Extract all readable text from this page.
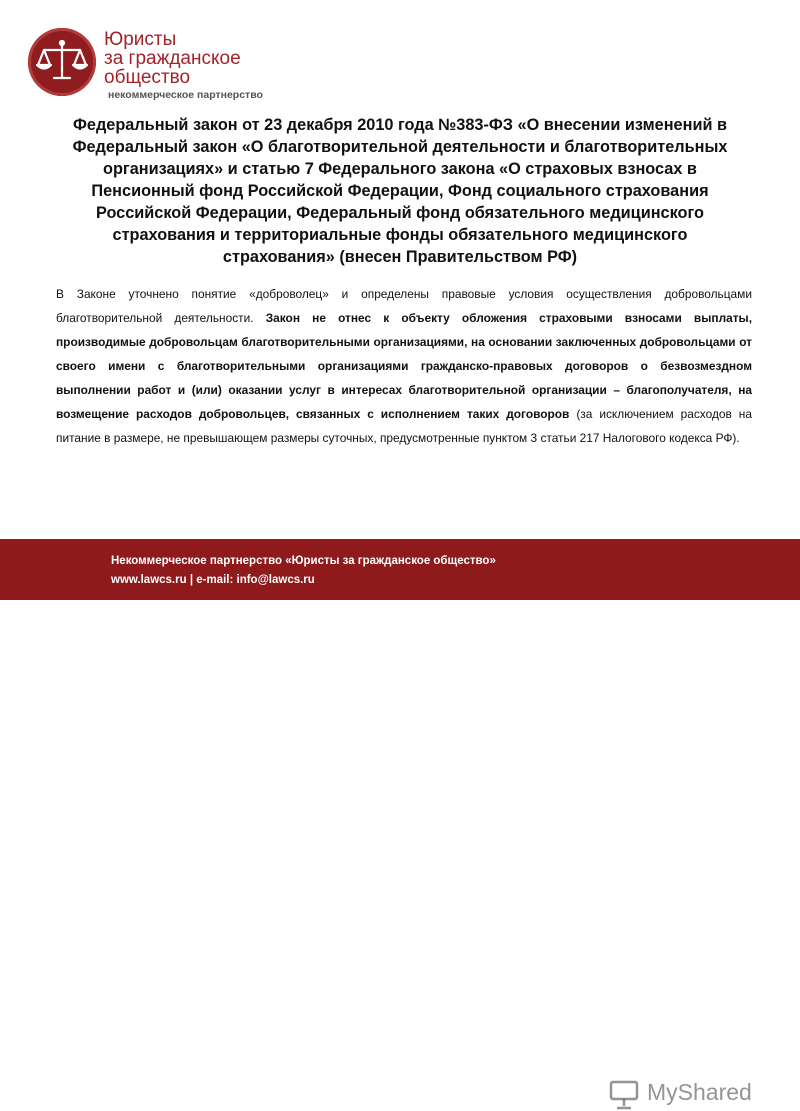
Юристы
за гражданское
общество
некоммерческое партнерство
Федеральный закон от 23 декабря 2010 года №383-ФЗ «О внесении изменений в Федеральный закон «О благотворительной деятельности и благотворительных организациях» и статью 7 Федерального закона «О страховых взносах в Пенсионный фонд Российской Федерации, Фонд социального страхования Российской Федерации, Федеральный фонд обязательного медицинского страхования и территориальные фонды обязательного медицинского страхования» (внесен Правительством РФ)
В Законе уточнено понятие «доброволец» и определены правовые условия осуществления добровольцами благотворительной деятельности. Закон не отнес к объекту обложения страховыми взносами выплаты, производимые добровольцам благотворительными организациями, на основании заключенных добровольцами от своего имени с благотворительными организациями гражданско-правовых договоров о безвозмездном выполнении работ и (или) оказании услуг в интересах благотворительной организации – благополучателя, на возмещение расходов добровольцев, связанных с исполнением таких договоров (за исключением расходов на питание в размере, не превышающем размеры суточных, предусмотренные пунктом 3 статьи 217 Налогового кодекса РФ).
Некоммерческое партнерство «Юристы за гражданское общество»
www.lawcs.ru | e-mail: info@lawcs.ru
MyShared
